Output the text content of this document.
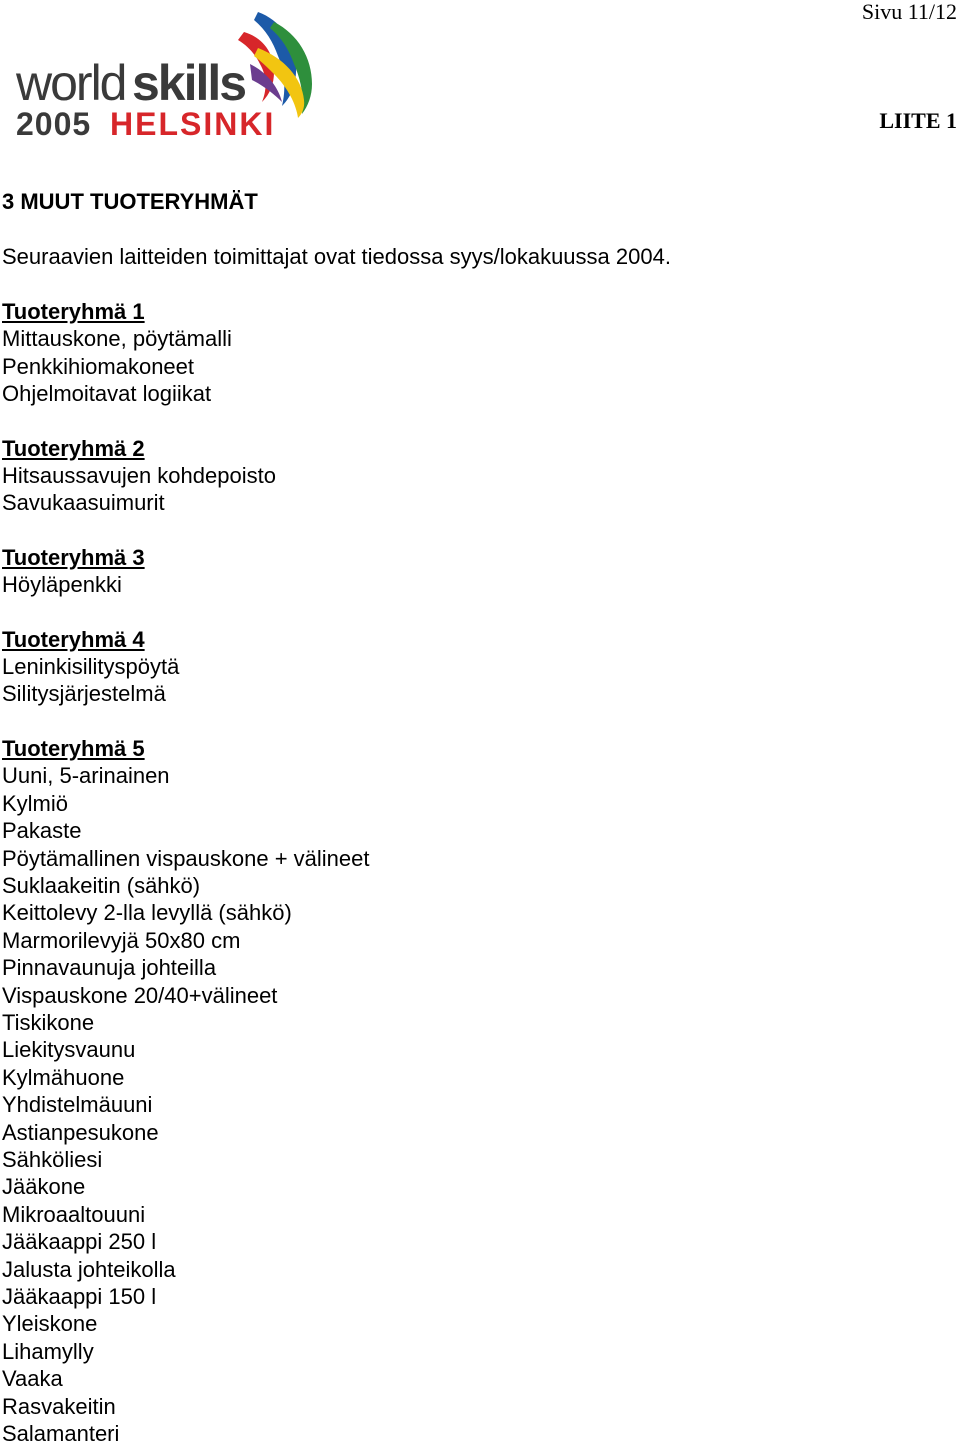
Sivu 11/12
world skills
2005 HELSINKI	LIITE 1
3 MUUT TUOTERYHMÄT
Seuraavien laitteiden toimittajat ovat tiedossa syys/lokakuussa 2004.
Tuoteryhmä 1
Mittauskone, pöytämalli
Penkkihiomakoneet
Ohjelmoitavat logiikat
Tuoteryhmä 2
Hitsaussavujen kohdepoisto
Savukaasuimurit
Tuoteryhmä 3
Höyläpenkki
Tuoteryhmä 4
Leninkisilityspöytä
Silitysjärjestelmä
Tuoteryhmä 5
Uuni, 5-arinainen
Kylmiö
Pakaste
Pöytämallinen vispauskone + välineet
Suklaakeitin (sähkö)
Keittolevy 2-lla levyllä (sähkö)
Marmorilevyjä 50x80 cm
Pinnavaunuja johteilla
Vispauskone 20/40+välineet
Tiskikone
Liekitysvaunu
Kylmähuone
Yhdistelmäuuni
Astianpesukone
Sähköliesi
Jääkone
Mikroaaltouuni
Jääkaappi 250 l
Jalusta johteikolla
Jääkaappi 150 l
Yleiskone
Lihamylly
Vaaka
Rasvakeitin
Salamanteri
